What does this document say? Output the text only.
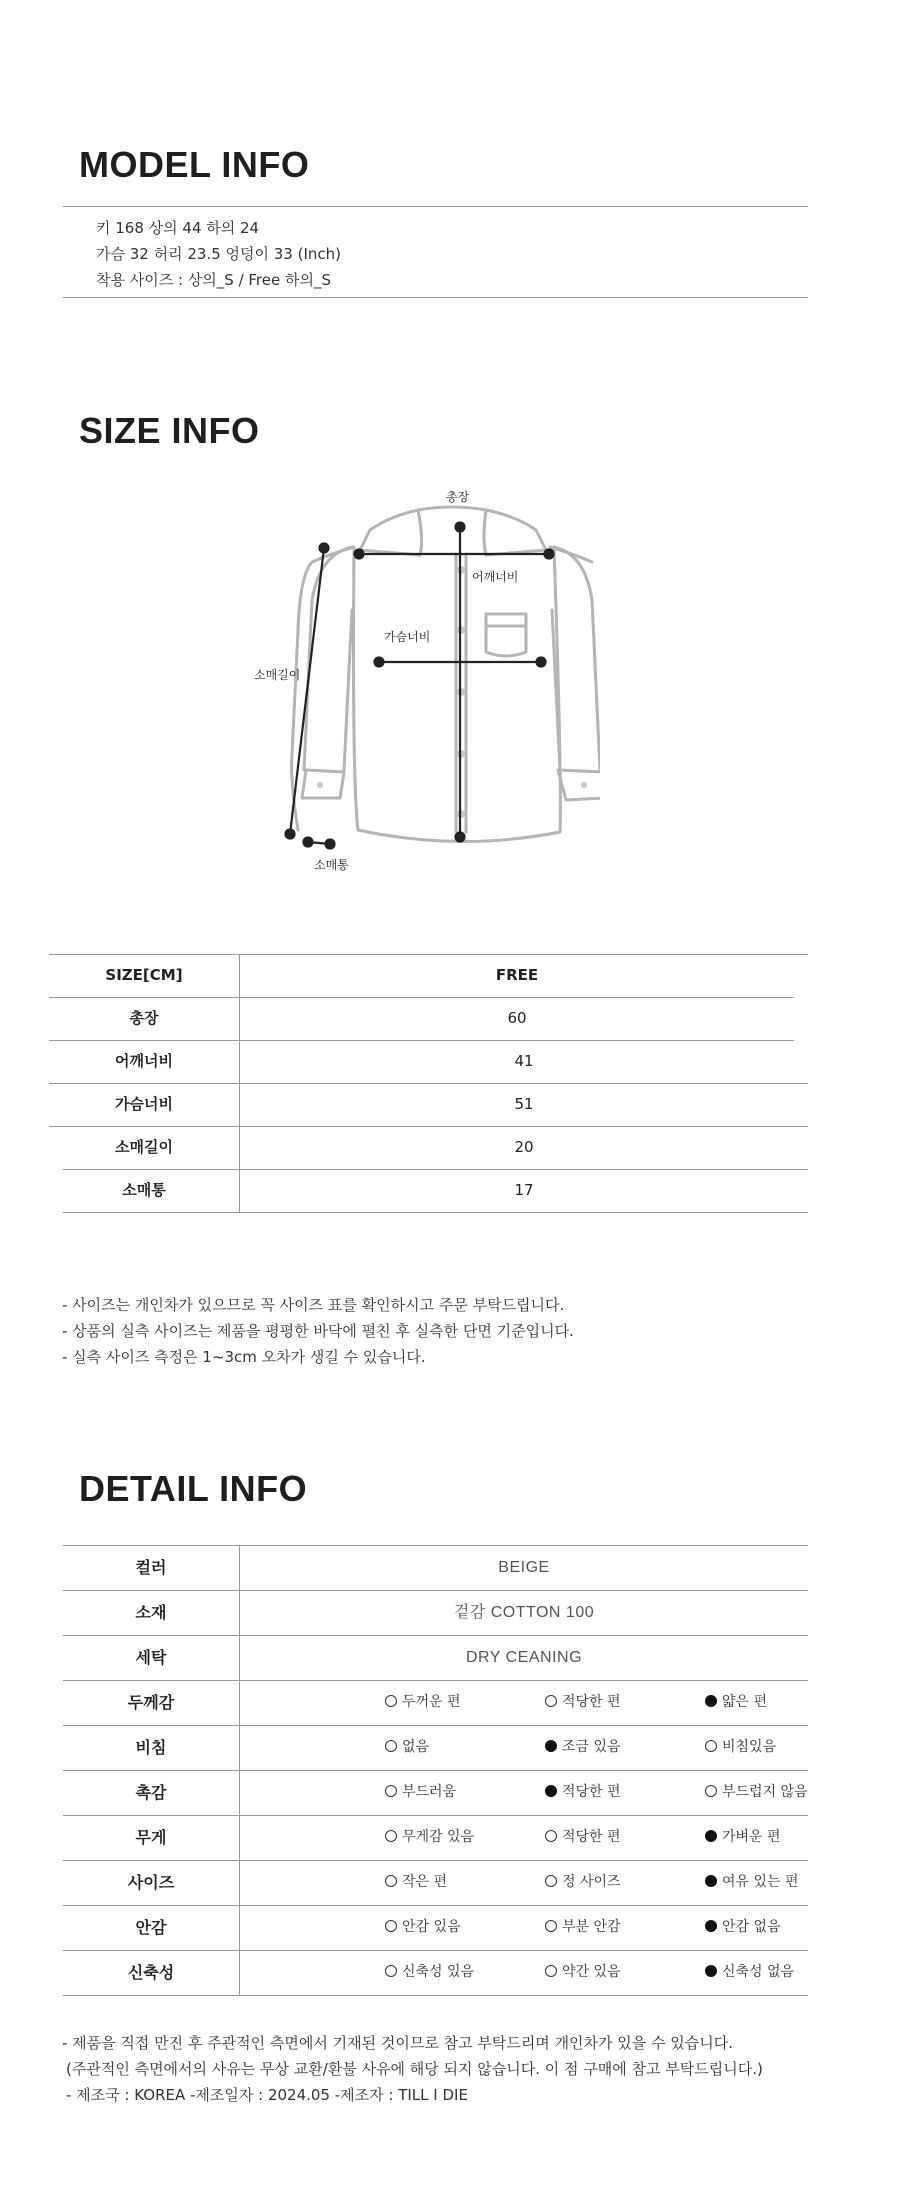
MODEL INFO
키 168 상의 44 하의 24
가슴 32 허리 23.5 엉덩이 33 (Inch)
착용 사이즈 : 상의_S / Free 하의_S
SIZE INFO
총장
어깨너비
가슴너비
소매길이
소매통
SIZE[CM]	FREE
총장	60
어깨너비	41
가슴너비	51
소매길이	20
소매통	17
- 사이즈는 개인차가 있으므로 꼭 사이즈 표를 확인하시고 주문 부탁드립니다.
- 상품의 실측 사이즈는 제품을 평평한 바닥에 펼친 후 실측한 단면 기준입니다.
- 실측 사이즈 측정은 1~3cm 오차가 생길 수 있습니다.
DETAIL INFO
컬러	BEIGE
소재	겉감 COTTON 100
세탁	DRY CEANING
두께감	두꺼운 편	적당한 편	얇은 편
비침	없음	조금 있음	비침있음
촉감	부드러움	적당한 편	부드럽지 않음
무게	무게감 있음	적당한 편	가벼운 편
사이즈	작은 편	정 사이즈	여유 있는 편
안감	안감 있음	부분 안감	안감 없음
신축성	신축성 있음	약간 있음	신축성 없음
- 제품을 직접 만진 후 주관적인 측면에서 기재된 것이므로 참고 부탁드리며 개인차가 있을 수 있습니다.
(주관적인 측면에서의 사유는 무상 교환/환불 사유에 해당 되지 않습니다. 이 점 구매에 참고 부탁드립니다.)
- 제조국 : KOREA -제조일자 : 2024.05 -제조자 : TILL I DIE
